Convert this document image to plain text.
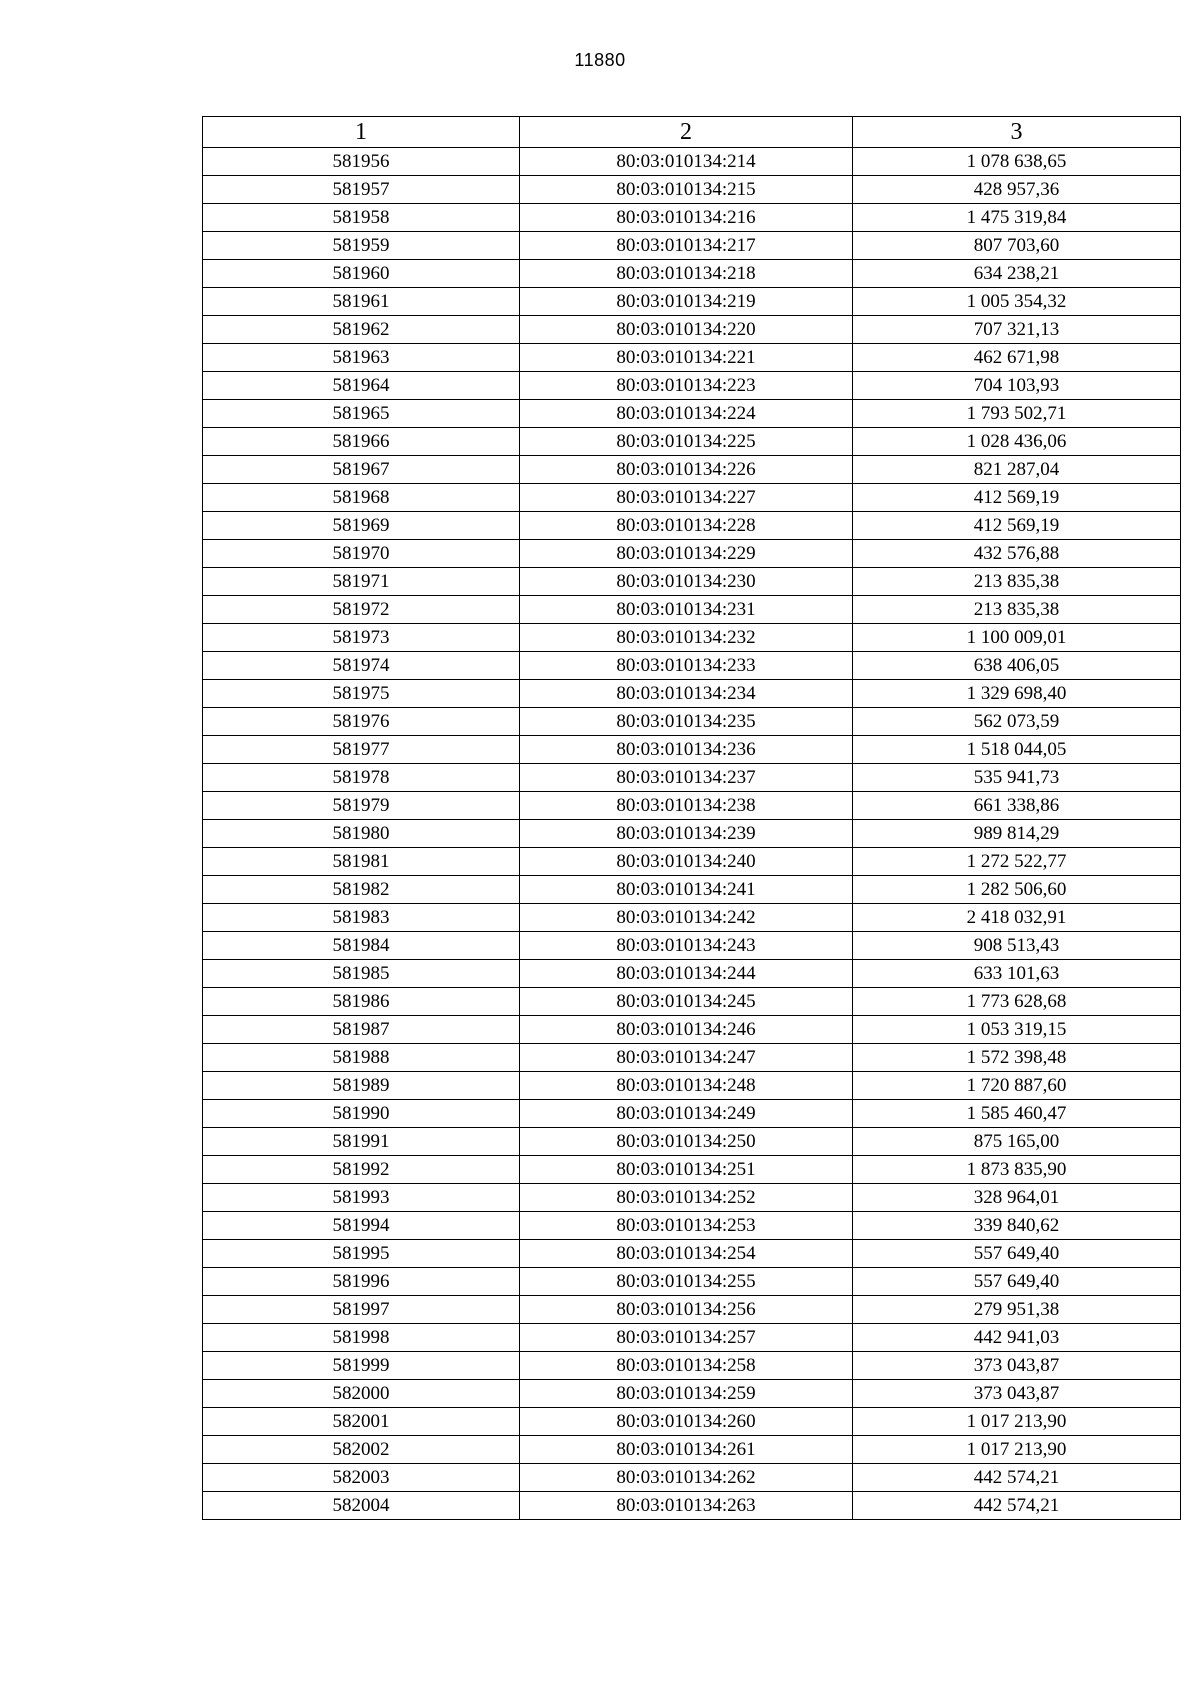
11880
1	2	3
581956	80:03:010134:214	1 078 638,65
581957	80:03:010134:215	428 957,36
581958	80:03:010134:216	1 475 319,84
581959	80:03:010134:217	807 703,60
581960	80:03:010134:218	634 238,21
581961	80:03:010134:219	1 005 354,32
581962	80:03:010134:220	707 321,13
581963	80:03:010134:221	462 671,98
581964	80:03:010134:223	704 103,93
581965	80:03:010134:224	1 793 502,71
581966	80:03:010134:225	1 028 436,06
581967	80:03:010134:226	821 287,04
581968	80:03:010134:227	412 569,19
581969	80:03:010134:228	412 569,19
581970	80:03:010134:229	432 576,88
581971	80:03:010134:230	213 835,38
581972	80:03:010134:231	213 835,38
581973	80:03:010134:232	1 100 009,01
581974	80:03:010134:233	638 406,05
581975	80:03:010134:234	1 329 698,40
581976	80:03:010134:235	562 073,59
581977	80:03:010134:236	1 518 044,05
581978	80:03:010134:237	535 941,73
581979	80:03:010134:238	661 338,86
581980	80:03:010134:239	989 814,29
581981	80:03:010134:240	1 272 522,77
581982	80:03:010134:241	1 282 506,60
581983	80:03:010134:242	2 418 032,91
581984	80:03:010134:243	908 513,43
581985	80:03:010134:244	633 101,63
581986	80:03:010134:245	1 773 628,68
581987	80:03:010134:246	1 053 319,15
581988	80:03:010134:247	1 572 398,48
581989	80:03:010134:248	1 720 887,60
581990	80:03:010134:249	1 585 460,47
581991	80:03:010134:250	875 165,00
581992	80:03:010134:251	1 873 835,90
581993	80:03:010134:252	328 964,01
581994	80:03:010134:253	339 840,62
581995	80:03:010134:254	557 649,40
581996	80:03:010134:255	557 649,40
581997	80:03:010134:256	279 951,38
581998	80:03:010134:257	442 941,03
581999	80:03:010134:258	373 043,87
582000	80:03:010134:259	373 043,87
582001	80:03:010134:260	1 017 213,90
582002	80:03:010134:261	1 017 213,90
582003	80:03:010134:262	442 574,21
582004	80:03:010134:263	442 574,21
